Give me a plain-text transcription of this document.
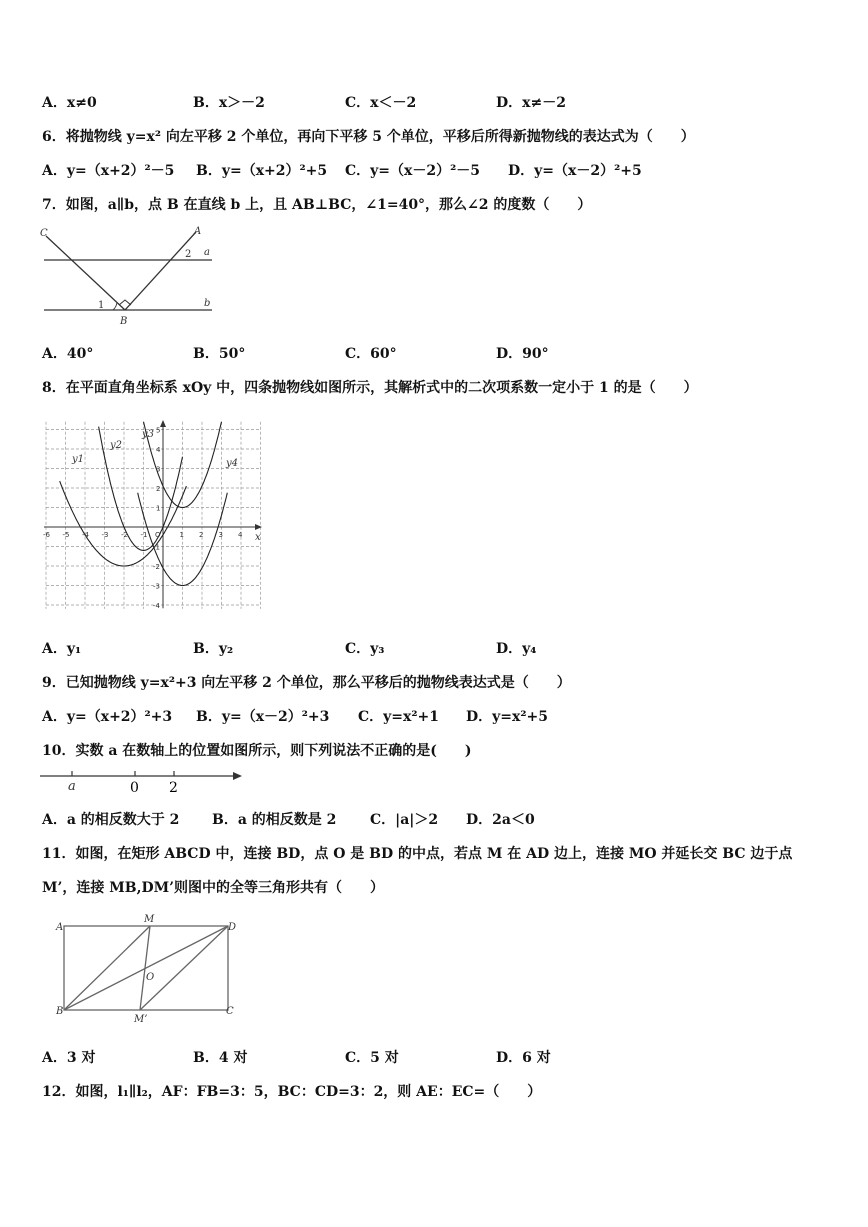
A．x≠0	B．x＞－2	C．x＜－2	D．x≠－2
6．将抛物线 y=x² 向左平移 2 个单位，再向下平移 5 个单位，平移后所得新抛物线的表达式为（　　）
A．y=（x+2）²－5 B．y=（x+2）²+5 C．y=（x－2）²－5 D．y=（x－2）²+5
7．如图，a∥b，点 B 在直线 b 上，且 AB⊥BC，∠1=40°，那么∠2 的度数（　　）
C	A
a
b
B
1
2
A．40°	B．50°	C．60°	D．90°
8．在平面直角坐标系 xOy 中，四条抛物线如图所示，其解析式中的二次项系数一定小于 1 的是（　　）
-6 -5 -4 -3 -2 -1 O	1 2 3 4
5
4
3
2
1
-1
-2
-3
-4
x
y1
y2
y3
y4
A．y₁	B．y₂	C．y₃	D．y₄
9．已知抛物线 y=x²+3 向左平移 2 个单位，那么平移后的抛物线表达式是（　　）
A．y=（x+2）²+3 B．y=（x－2）²+3 C．y=x²+1 D．y=x²+5
10．实数 a 在数轴上的位置如图所示，则下列说法不正确的是(　　)
a	0 2
A．a 的相反数大于 2 B．a 的相反数是 2 C．|a|＞2 D．2a＜0
11．如图，在矩形 ABCD 中，连接 BD，点 O 是 BD 的中点，若点 M 在 AD 边上，连接 MO 并延长交 BC 边于点
M’，连接 MB,DM’则图中的全等三角形共有（　　）
A
M
D
O
B
M’
C
A．3 对	B．4 对	C．5 对	D．6 对
12．如图，l₁∥l₂，AF：FB=3：5，BC：CD=3：2，则 AE：EC=（　　）
